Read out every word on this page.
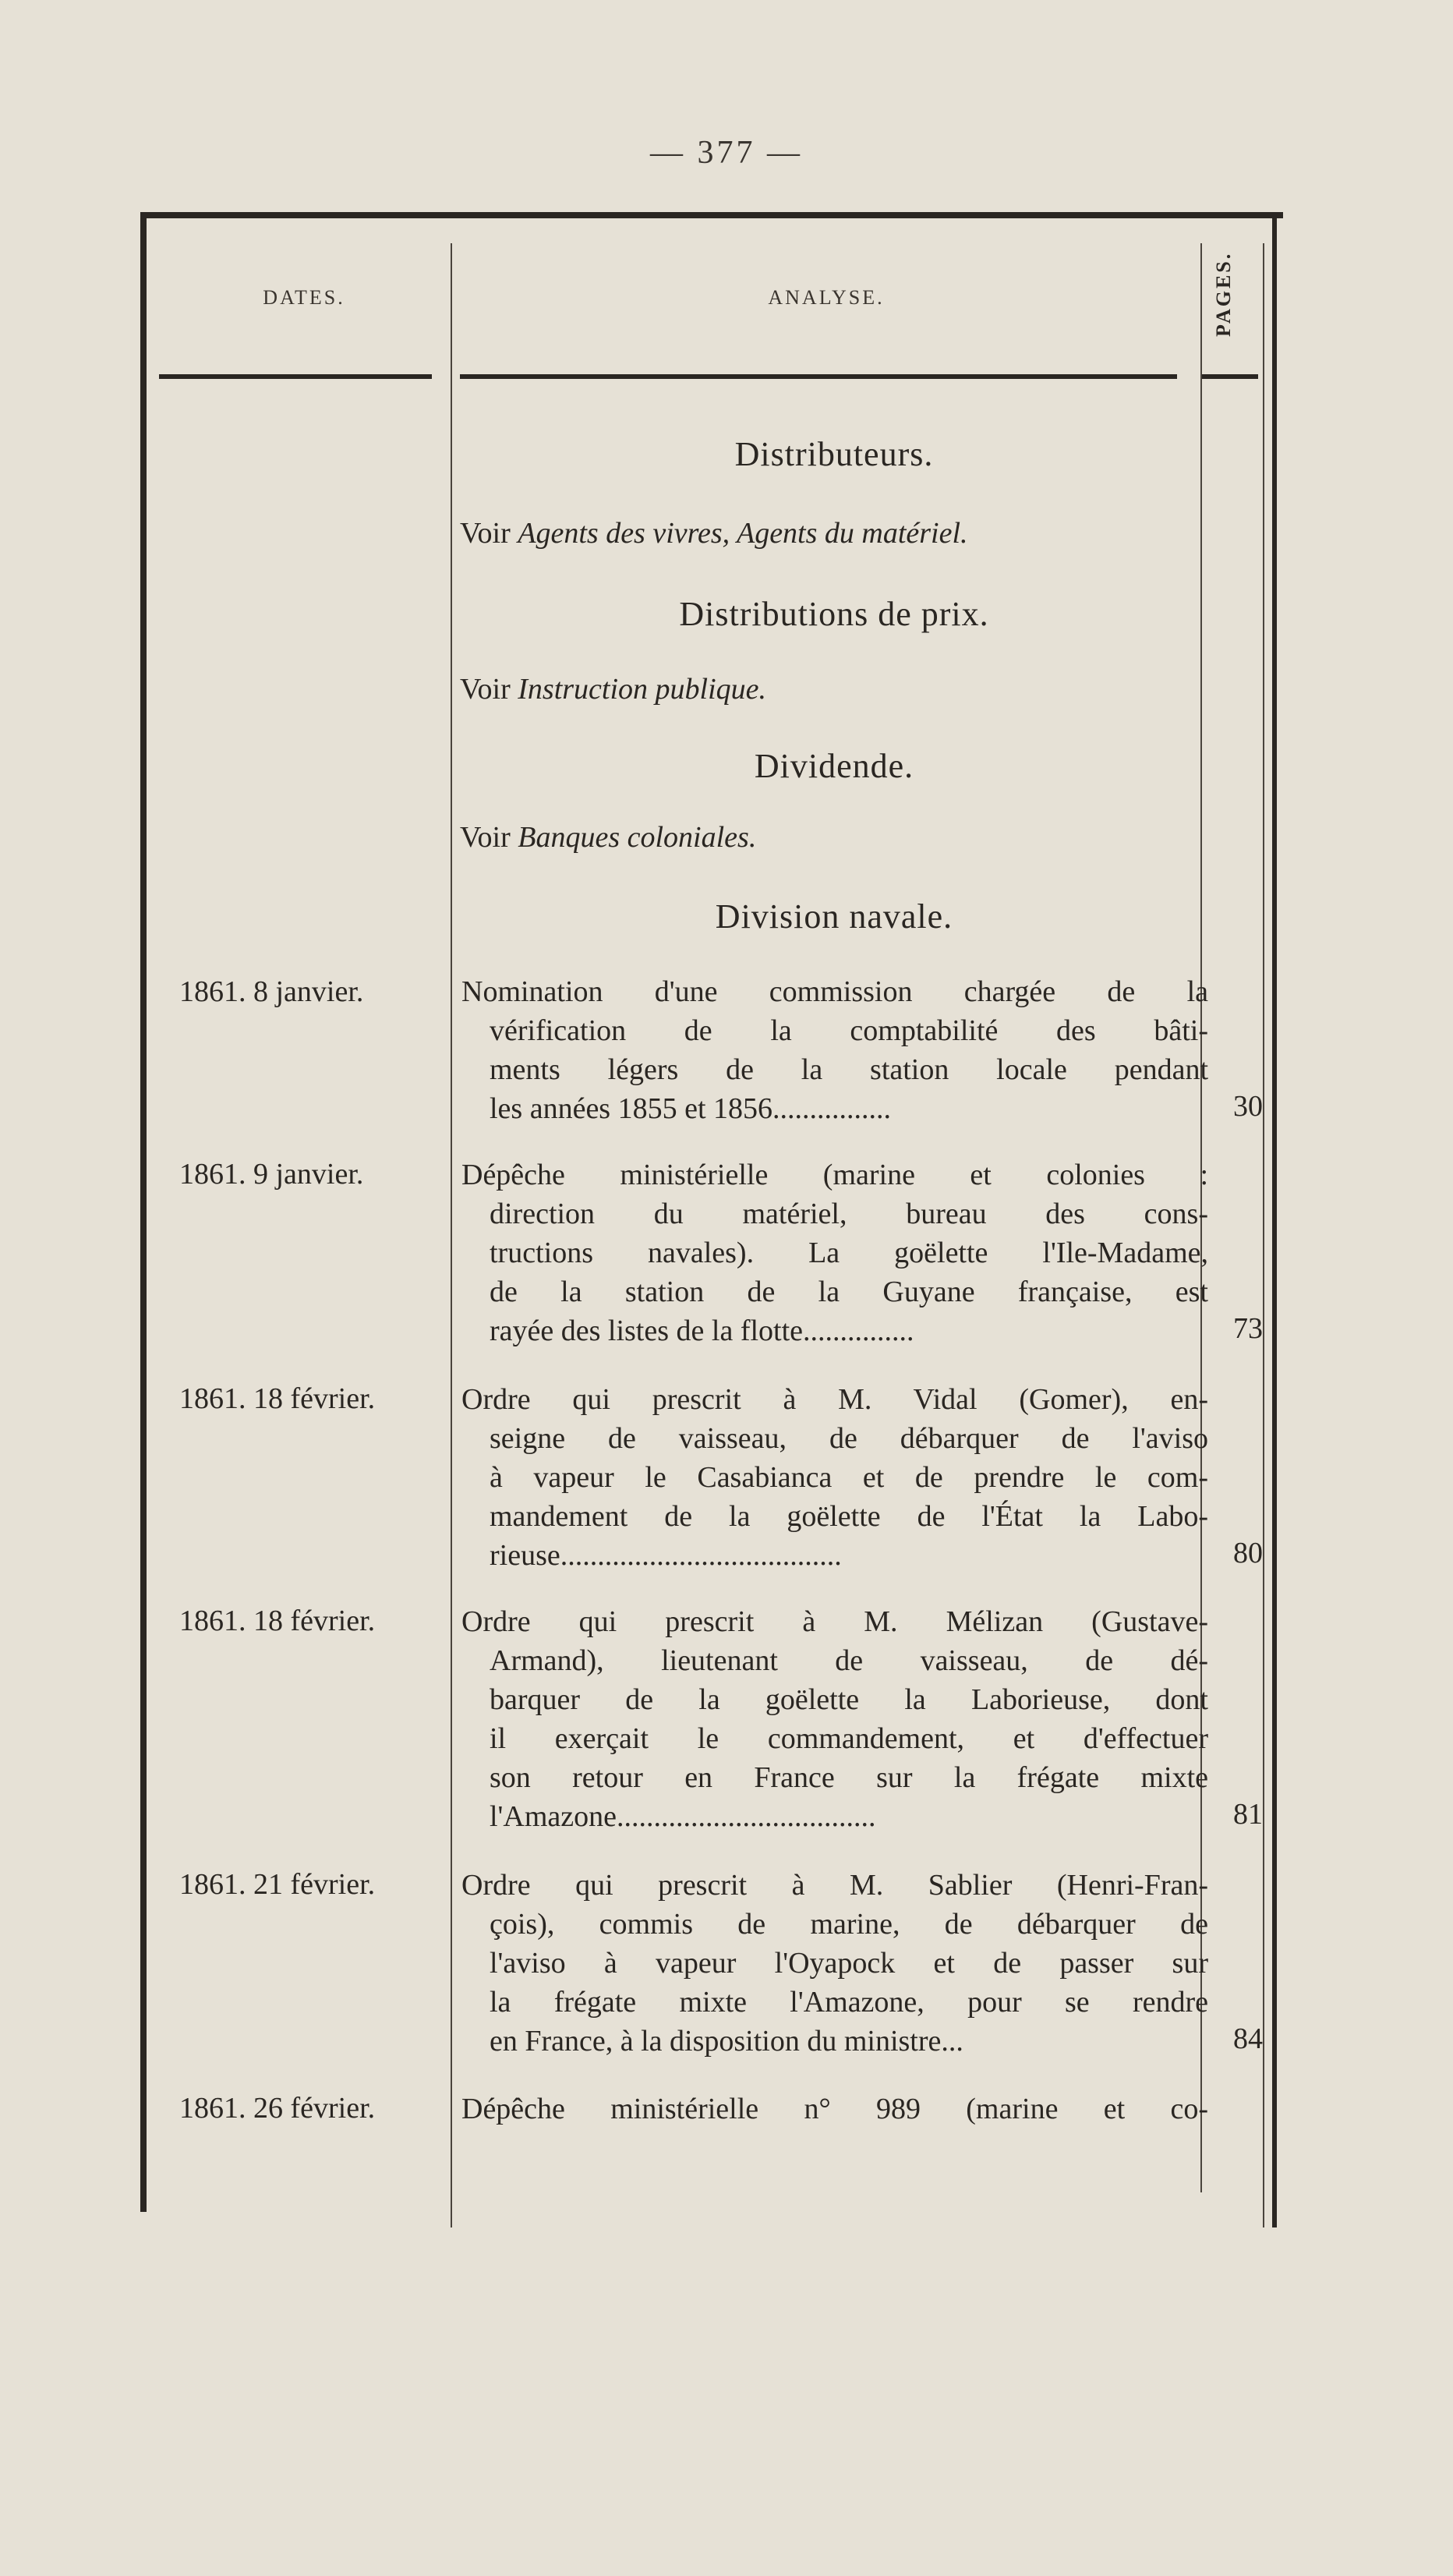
— 377 —
DATES.	ANALYSE.	PAGES.
Distributeurs.
Voir Agents des vivres, Agents du matériel.
Distributions de prix.
Voir Instruction publique.
Dividende.
Voir Banques coloniales.
Division navale.
1861. 8 janvier.	Nomination d'une commission chargée de la
vérification de la comptabilité des bâti-
ments légers de la station locale pendant
les années 1855 et 1856................	30
1861. 9 janvier.	Dépêche ministérielle (marine et colonies :
direction du matériel, bureau des cons-
tructions navales). La goëlette l'Ile-Madame,
de la station de la Guyane française, est
rayée des listes de la flotte...............	73
1861. 18 février.	Ordre qui prescrit à M. Vidal (Gomer), en-
seigne de vaisseau, de débarquer de l'aviso
à vapeur le Casabianca et de prendre le com-
mandement de la goëlette de l'État la Labo-
rieuse......................................	80
1861. 18 février.	Ordre qui prescrit à M. Mélizan (Gustave-
Armand), lieutenant de vaisseau, de dé-
barquer de la goëlette la Laborieuse, dont
il exerçait le commandement, et d'effectuer
son retour en France sur la frégate mixte
l'Amazone...................................	81
1861. 21 février.	Ordre qui prescrit à M. Sablier (Henri-Fran-
çois), commis de marine, de débarquer de
l'aviso à vapeur l'Oyapock et de passer sur
la frégate mixte l'Amazone, pour se rendre
en France, à la disposition du ministre...	84
1861. 26 février.	Dépêche ministérielle n° 989 (marine et co-
